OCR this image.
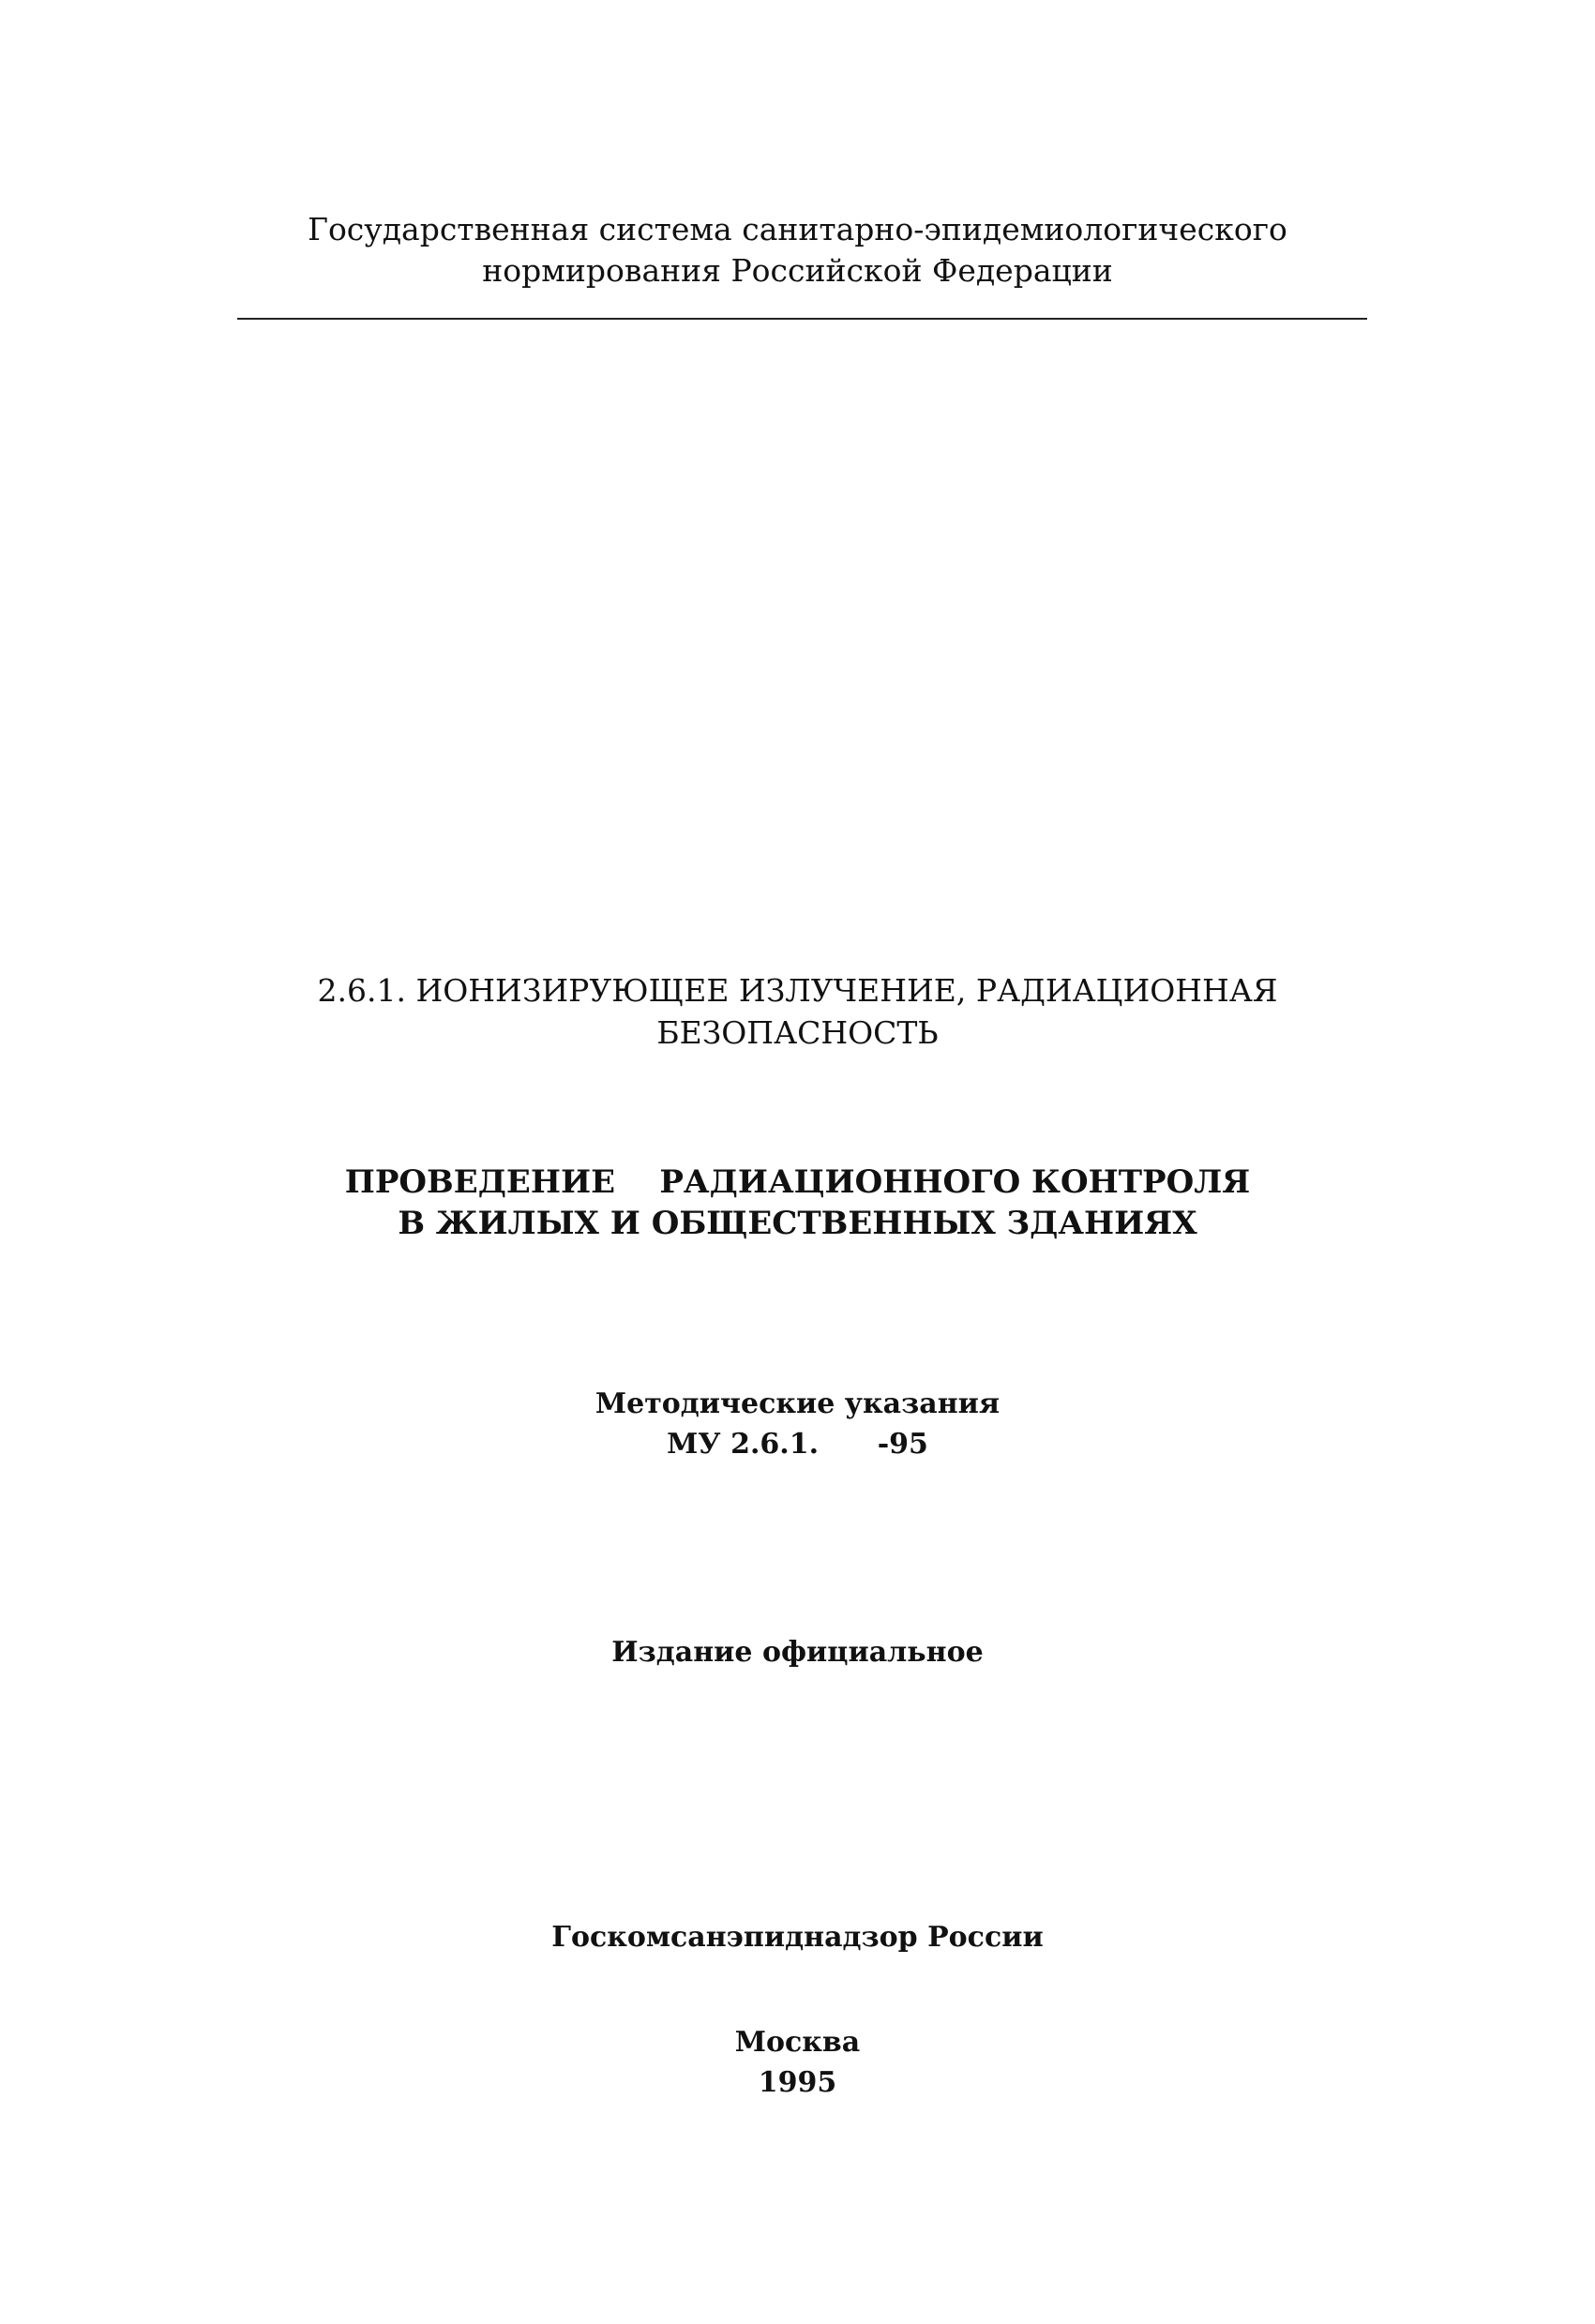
Государственная система санитарно-эпидемиологического
нормирования Российской Федерации
2.6.1. ИОНИЗИРУЮЩЕЕ ИЗЛУЧЕНИЕ, РАДИАЦИОННАЯ
БЕЗОПАСНОСТЬ
ПРОВЕДЕНИЕ    РАДИАЦИОННОГО КОНТРОЛЯ
В ЖИЛЫХ И ОБЩЕСТВЕННЫХ ЗДАНИЯХ
Методические указания
МУ 2.6.1.      -95
Издание официальное
Госкомсанэпиднадзор России
Москва
1995
